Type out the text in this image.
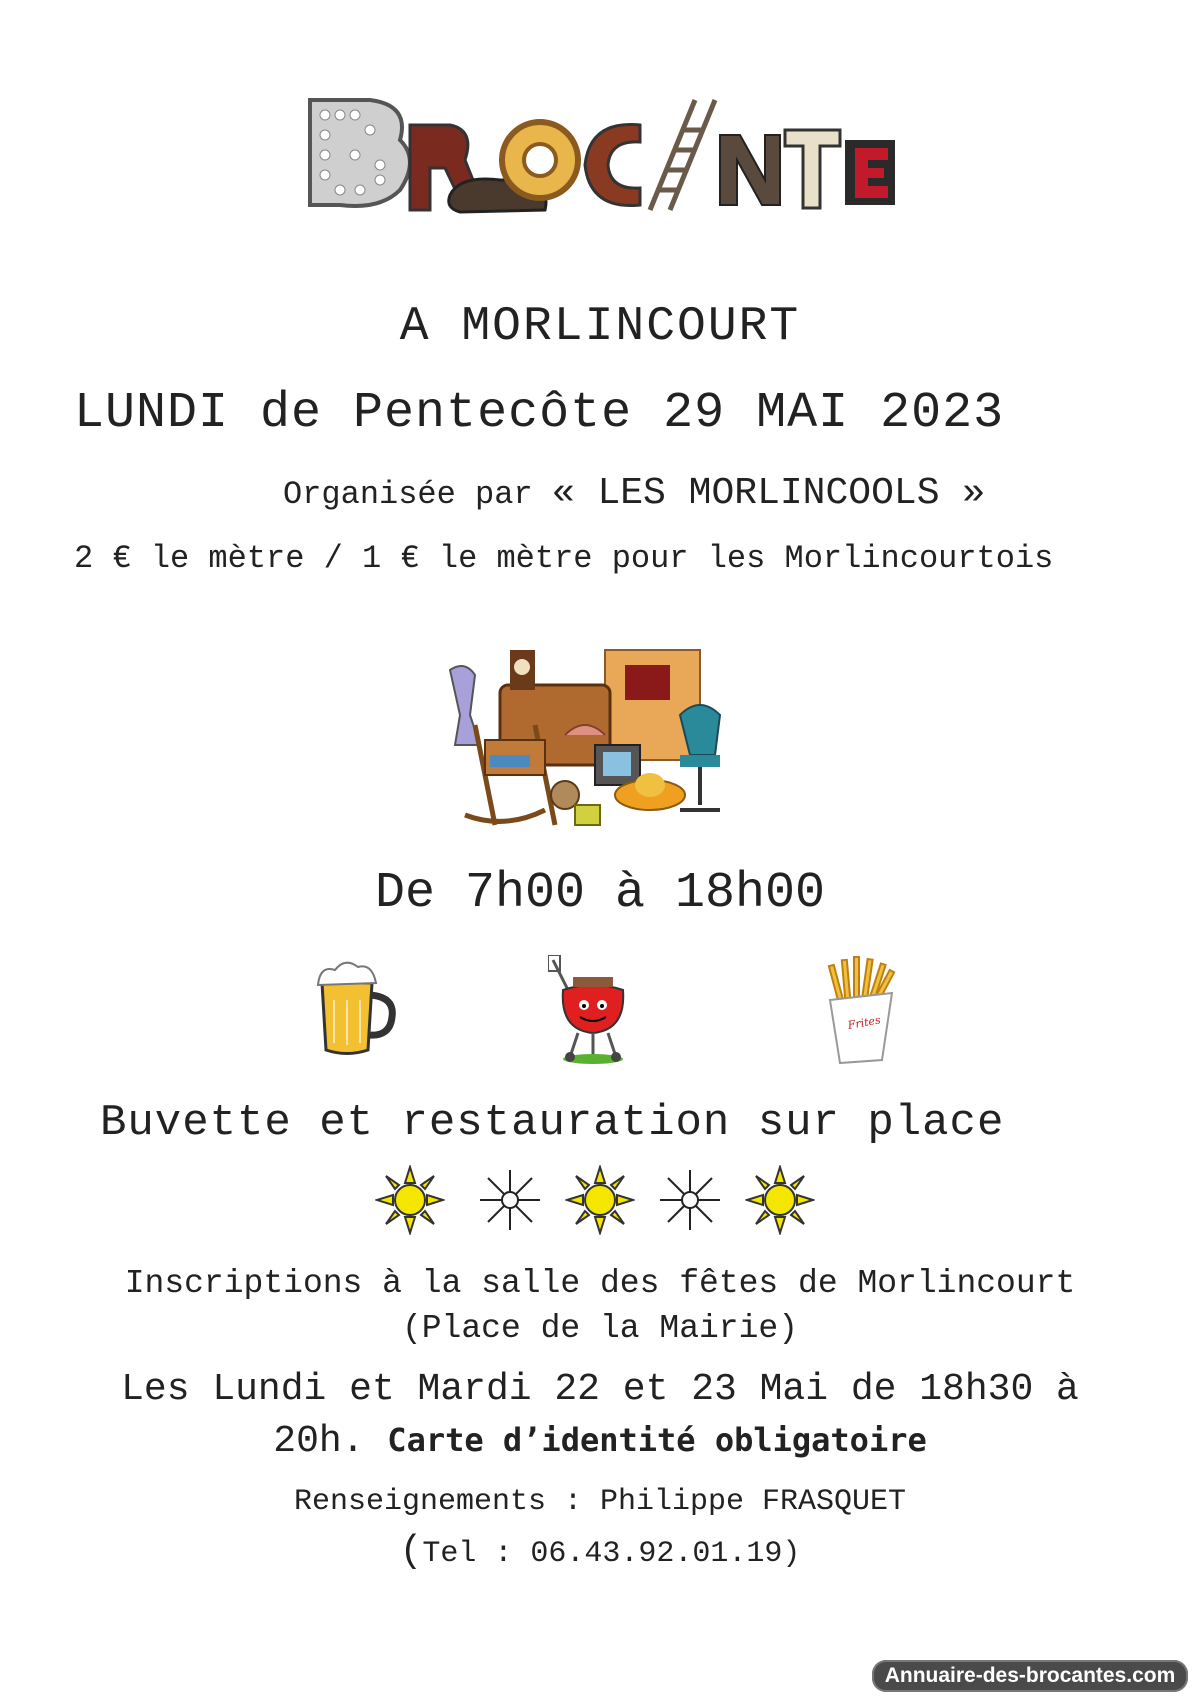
A MORLINCOURT
LUNDI de Pentecôte 29 MAI 2023
Organisée par « LES MORLINCOOLS »
2 € le mètre / 1 € le mètre pour les Morlincourtois
De 7h00 à 18h00
Frites
Buvette et restauration sur place
Inscriptions à la salle des fêtes de Morlincourt
(Place de la Mairie)
Les Lundi et Mardi 22 et 23 Mai de 18h30 à
20h. Carte d’identité obligatoire
Renseignements : Philippe FRASQUET
(Tel : 06.43.92.01.19)
Annuaire-des-brocantes.com
